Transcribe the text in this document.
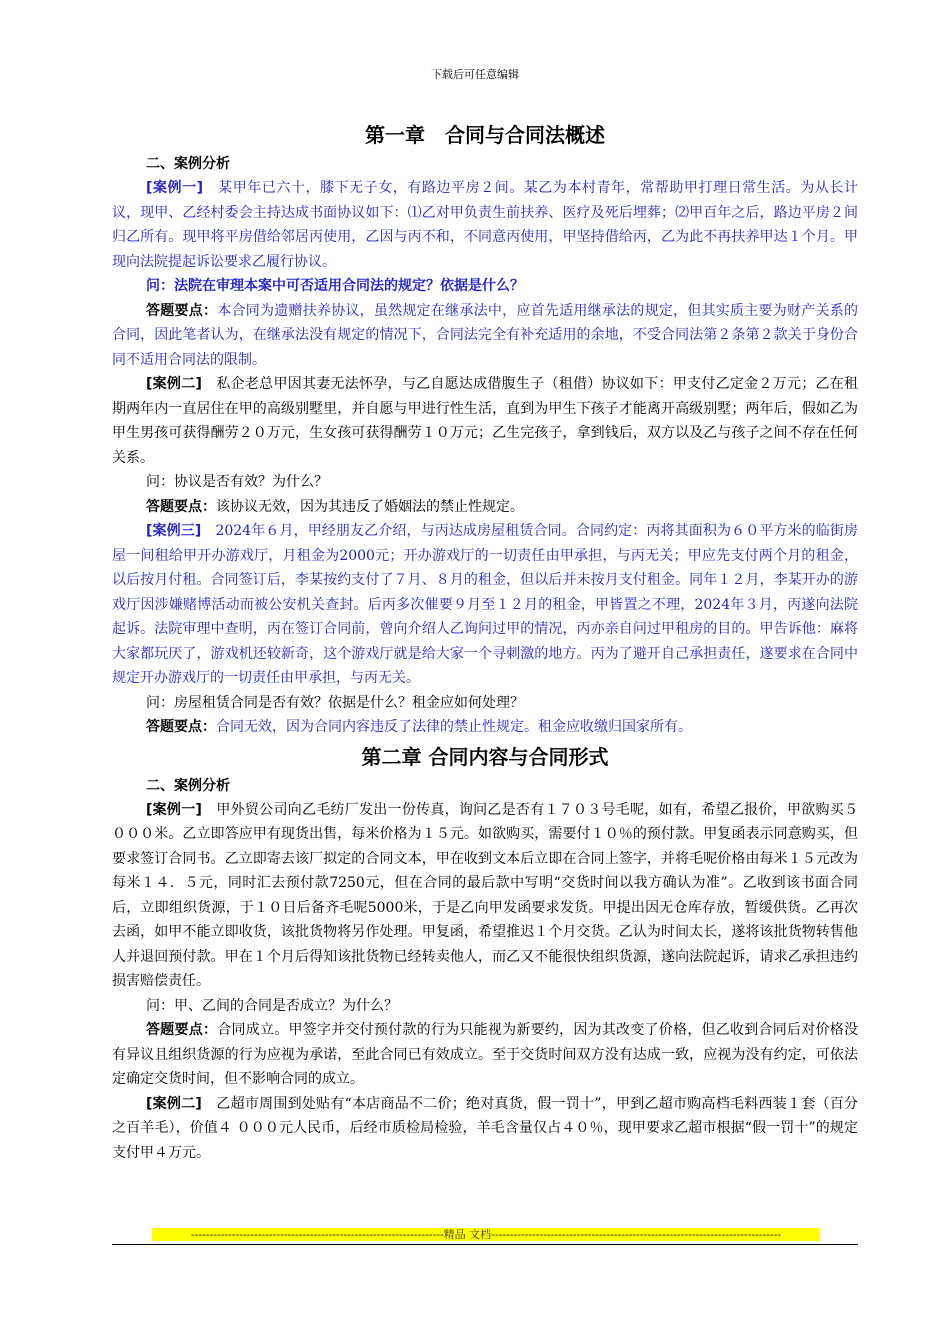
下载后可任意编辑
第一章　合同与合同法概述
二、案例分析

[案例一]　某甲年已六十，膝下无子女，有路边平房２间。某乙为本村青年，常帮助甲打理日常生活。为从长计议，现甲、乙经村委会主持达成书面协议如下：⑴乙对甲负责生前扶养、医疗及死后埋葬；⑵甲百年之后，路边平房２间归乙所有。现甲将平房借给邻居丙使用，乙因与丙不和，不同意丙使用，甲坚持借给丙，乙为此不再扶养甲达１个月。甲现向法院提起诉讼要求乙履行协议。

问：法院在审理本案中可否适用合同法的规定？依据是什么？

答题要点：本合同为遗赠扶养协议，虽然规定在继承法中，应首先适用继承法的规定，但其实质主要为财产关系的合同，因此笔者认为，在继承法没有规定的情况下，合同法完全有补充适用的余地，不受合同法第２条第２款关于身份合同不适用合同法的限制。

[案例二]　私企老总甲因其妻无法怀孕，与乙自愿达成借腹生子（租借）协议如下：甲支付乙定金２万元；乙在租期两年内一直居住在甲的高级别墅里，并自愿与甲进行性生活，直到为甲生下孩子才能离开高级别墅；两年后，假如乙为甲生男孩可获得酬劳２０万元，生女孩可获得酬劳１０万元；乙生完孩子，拿到钱后，双方以及乙与孩子之间不存在任何关系。

问：协议是否有效？为什么？

答题要点：该协议无效，因为其违反了婚姻法的禁止性规定。

[案例三]　2024年６月，甲经朋友乙介绍，与丙达成房屋租赁合同。合同约定：丙将其面积为６０平方米的临街房屋一间租给甲开办游戏厅，月租金为2000元；开办游戏厅的一切责任由甲承担，与丙无关；甲应先支付两个月的租金，以后按月付租。合同签订后，李某按约支付了７月、８月的租金，但以后并未按月支付租金。同年１２月，李某开办的游戏厅因涉嫌赌博活动而被公安机关查封。后丙多次催要９月至１２月的租金，甲皆置之不理，2024年３月，丙遂向法院起诉。法院审理中查明，丙在签订合同前，曾向介绍人乙询问过甲的情况，丙亦亲自问过甲租房的目的。甲告诉他：麻将大家都玩厌了，游戏机还较新奇，这个游戏厅就是给大家一个寻刺激的地方。丙为了避开自己承担责任，遂要求在合同中规定开办游戏厅的一切责任由甲承担，与丙无关。

问：房屋租赁合同是否有效？依据是什么？租金应如何处理？

答题要点：合同无效，因为合同内容违反了法律的禁止性规定。租金应收缴归国家所有。

第二章 合同内容与合同形式
二、案例分析

[案例一]　甲外贸公司向乙毛纺厂发出一份传真，询问乙是否有１７０３号毛呢，如有，希望乙报价，甲欲购买５ ０００米。乙立即答应甲有现货出售，每米价格为１５元。如欲购买，需要付１０％的预付款。甲复函表示同意购买，但要求签订合同书。乙立即寄去该厂拟定的合同文本，甲在收到文本后立即在合同上签字，并将毛呢价格由每米１５元改为每米１４．５元，同时汇去预付款7250元，但在合同的最后款中写明“交货时间以我方确认为准”。乙收到该书面合同后，立即组织货源，于１０日后备齐毛呢5000米，于是乙向甲发函要求发货。甲提出因无仓库存放，暂缓供货。乙再次去函，如甲不能立即收货，该批货物将另作处理。甲复函，希望推迟１个月交货。乙认为时间太长，遂将该批货物转售他人并退回预付款。甲在１个月后得知该批货物已经转卖他人，而乙又不能很快组织货源，遂向法院起诉，请求乙承担违约损害赔偿责任。

问：甲、乙间的合同是否成立？为什么？

答题要点：合同成立。甲签字并交付预付款的行为只能视为新要约，因为其改变了价格，但乙收到合同后对价格没有异议且组织货源的行为应视为承诺，至此合同已有效成立。至于交货时间双方没有达成一致，应视为没有约定，可依法定确定交货时间，但不影响合同的成立。

[案例二]　乙超市周围到处贴有“本店商品不二价；绝对真货，假一罚十”，甲到乙超市购高档毛料西装１套（百分之百羊毛），价值４ ０００元人民币，后经市质检局检验，羊毛含量仅占４０％，现甲要求乙超市根据“假一罚十”的规定支付甲４万元。

--------------------------------------------------------------------精品 文档------------------------------------------------------------------------------
